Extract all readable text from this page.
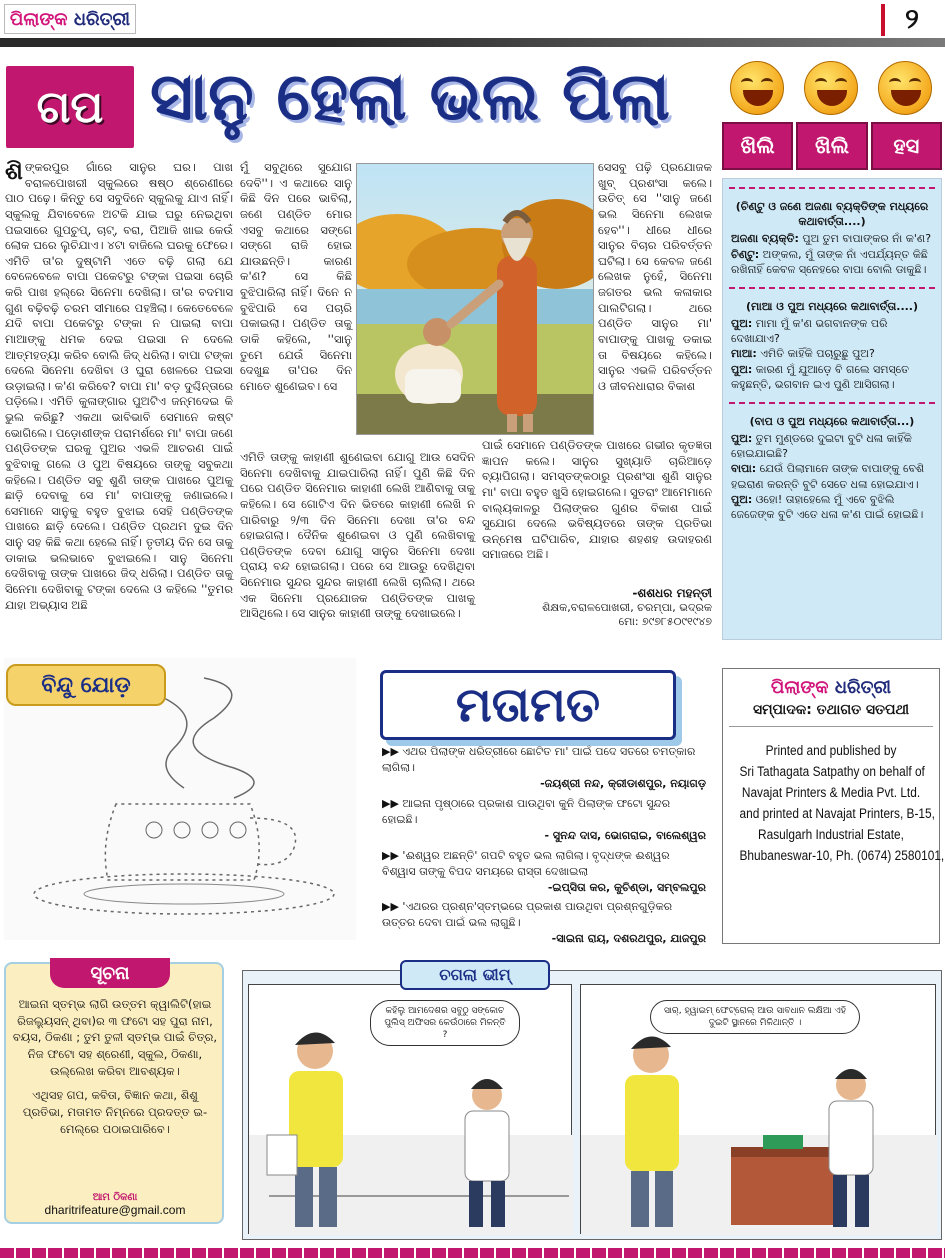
ପିଲାଙ୍କ ଧରିତ୍ରୀ	୨
ଗପ ସାନୁ ହେଲା ଭଲ ପିଲା
ଶିଙ୍କରପୁର ଗାଁରେ ସାନୁର ଘର। ପାଖ ବରାଳପୋଖରୀ ସ୍କୁଲରେ ଷଷ୍ଠ ଶ୍ରେଣୀରେ ପାଠ ପଢ଼େ। କିନ୍ତୁ ସେ ସବୁଦିନେ ସ୍କୁଲକୁ ଯାଏ ନାହିଁ। ସ୍କୁଲକୁ ଯିବାବେଳେ ଅଟକି ଯାଇ ଘରୁ ନେଇଥିବା ପଇସାରେ ଗୁପଚୁପ୍, ଚାଟ୍, ବରା, ପିଆଜି ଖାଇ କେଉଁ ଲୋକ ଘରେ ଲୁଚିଯାଏ। ୪ଟା ବାଜିଲେ ଘରକୁ ଫେରେ। ଏମିତି ତା'ର ଦୁଷ୍ଟାମି ଏତେ ବଢ଼ି ଗଲା ଯେ ବେଳେବେଳେ ବାପା ପକେଟରୁ ଟଙ୍କା ପଇସା ଚୋରି କରି ପାଖ ହଲ୍‌ରେ ସିନେମା ଦେଖିଲା। ତା'ର ବଦମାସ ଗୁଣ ବଢ଼ିବଢ଼ି ଚରମ ସୀମାରେ ପହଞ୍ଚିଲା। କେତେବେଳେ ଯଦି ବାପା ପକେଟରୁ ଟଙ୍କା ନ ପାଇଲା ବାପା ମାଆଙ୍କୁ ଧମକ ଦେଇ ପଇସା ନ ଦେଲେ ଆତ୍ମହତ୍ୟା କରିବ ବୋଲି ଜିଦ୍ ଧରିଲା। ବାପା ଟଙ୍କା ଦେଲେ ସିନେମା ଦେଖିବା ଓ ଘୁରା ଖେଳରେ ପଇସା ଉଡ଼ାଇଲା। କ'ଣ କରିବେ? ବାପା ମା' ବଡ଼ ଦୁଶ୍ଚିନ୍ତାରେ ପଡ଼ିଲେ। ଏମିତି କୁଳାଙ୍ଗାର ପୁଅଟିଏ ଜନ୍ମଦେଇ କି ଭୁଲ କରିଛୁ? ଏକଥା ଭାବିଭାବି ସେମାନେ କଷ୍ଟ ଭୋଗିଲେ। ପଡ଼ୋଶୀଙ୍କ ପରାମର୍ଶରେ ମା' ବାପା ଜଣେ ପଣ୍ଡିତଙ୍କ ଘରକୁ ପୁଅର ଏଭଳି ଆଚରଣ ପାଇଁ ବୁଝିବାକୁ ଗଲେ ଓ ପୁଅ ବିଷୟରେ ତାଙ୍କୁ ସବୁକଥା କହିଲେ। ପଣ୍ଡିତ ସବୁ ଶୁଣି ତାଙ୍କ ପାଖରେ ପୁଅକୁ ଛାଡ଼ି ଦେବାକୁ ସେ ମା' ବାପାଙ୍କୁ ଜଣାଇଲେ। ସେମାନେ ସାନୁକୁ ବହୁତ ବୁଝାଇ ସେହି ପଣ୍ଡିତଙ୍କ ପାଖରେ ଛାଡ଼ି ଦେଲେ। ପଣ୍ଡିତ ପ୍ରଥମ ଦୁଇ ଦିନ ସାନୁ ସହ କିଛି କଥା ହେଲେ ନାହିଁ। ତୃତୀୟ ଦିନ ସେ ତାକୁ ଡାକାଇ ଭଲଭାବେ ବୁଝାଇଲେ। ସାନୁ ସିନେମା ଦେଖିବାକୁ ତାଙ୍କ ପାଖରେ ଜିଦ୍ ଧରିଲା। ପଣ୍ଡିତ ତାକୁ ସିନେମା ଦେଖିବାକୁ ଟଙ୍କା ଦେଲେ ଓ କହିଲେ ''ତୁମର ଯାହା ଅଭ୍ୟାସ ଅଛି
ମୁଁ ସବୁଥିରେ ସୁଯୋଗ ଦେବି''। ଏ କଥାରେ ସାନୁ କିଛି ଦିନ ପରେ ଭାବିଲା, ଜଣେ ପଣ୍ଡିତ ମୋର ଏସବୁ କଥାରେ ସଙ୍ଗେ ସଙ୍ଗେ ରାଜି ହୋଇ ଯାଉଛନ୍ତି। କାରଣ କ'ଣ? ସେ କିଛି ବୁଝିପାରିଲା ନାହିଁ। ଦିନେ ନ ବୁଝିପାରି ସେ ପଚାରି ପକାଇଲା। ପଣ୍ଡିତ ତାକୁ ଡାକି କହିଲେ, ''ସାନୁ ତୁମେ ଯେଉଁ ସିନେମା ଦେଖୁଛ ତା'ପର ଦିନ ମୋତେ ଶୁଣେଇବ। ସେ
ସେସବୁ ପଢ଼ି ପ୍ରଯୋଜକ ଖୁବ୍ ପ୍ରଶଂସା କଲେ। ଉଚିତ୍ ସେ ''ସାନୁ ଜଣେ ଭଲ ସିନେମା ଲେଖକ ହେବ''। ଧୀରେ ଧୀରେ ସାନୁର ବିଚାର ପରିବର୍ତ୍ତନ ଘଟିଲା। ସେ କେବଳ ଜଣେ ଲେଖକ ନୁହେଁ, ସିନେମା ଜଗତର ଭଲ କଳାକାର ପାଲଟିଗଲା। ଥରେ ପଣ୍ଡିତ ସାନୁର ମା' ବାପାଙ୍କୁ ପାଖକୁ ଡକାଇ ତା ବିଷୟରେ କହିଲେ। ସାନୁର ଏଭଳି ପରିବର୍ତ୍ତନ ଓ ଜୀବନଧାରାର ବିକାଶ
ଏମିତି ତାଙ୍କୁ କାହାଣୀ ଶୁଣେଇବା ଯୋଗୁ ଆଉ ସେଦିନ ସିନେମା ଦେଖିବାକୁ ଯାଇପାରିଲା ନାହିଁ। ପୁଣି କିଛି ଦିନ ପରେ ପଣ୍ଡିତ ସିନେମାର କାହାଣୀ ଲେଖି ଆଣିବାକୁ ତାକୁ କହିଲେ। ସେ ଗୋଟିଏ ଦିନ ଭିତରେ କାହାଣୀ ଲେଖି ନ ପାରିବାରୁ ୨/୩ ଦିନ ସିନେମା ଦେଖା ତା'ର ବନ୍ଦ ହୋଇଗଲା। ଦୈନିକ ଶୁଣେଇବା ଓ ପୁଣି ଲେଖିବାକୁ ପଣ୍ଡିତଙ୍କ ଦେବା ଯୋଗୁ ସାନୁର ସିନେମା ଦେଖା ପ୍ରାୟ ବନ୍ଦ ହୋଇଗଲା। ପରେ ସେ ଆଉରୁ ଦେଖିଥିବା ସିନେମାର ସୁନ୍ଦର ସୁନ୍ଦର କାହାଣୀ ଲେଖି ଚାଲିଲା। ଥରେ ଏକ ସିନେମା ପ୍ରଯୋଜକ ପଣ୍ଡିତଙ୍କ ପାଖକୁ ଆସିଥିଲେ। ସେ ସାନୁର କାହାଣୀ ତାଙ୍କୁ ଦେଖାଇଲେ।
ପାଇଁ ସେମାନେ ପଣ୍ଡିତଙ୍କ ପାଖରେ ଗଭୀର କୃତଜ୍ଞତା ଜ୍ଞାପନ କଲେ। ସାନୁର ସୁଖ୍ୟାତି ଚାରିଆଡ଼େ ବ୍ୟାପିଗଲା। ସମସ୍ତଙ୍କଠାରୁ ପ୍ରଶଂସା ଶୁଣି ସାନୁର ମା' ବାପା ବହୁତ ଖୁସି ହୋଇଗଲେ। ସୁତରାଂ ଆମେମାନେ ବାଲ୍ୟକାଳରୁ ପିଲାଙ୍କର ଗୁଣର ବିକାଶ ପାଇଁ ସୁଯୋଗ ଦେଲେ ଭବିଷ୍ୟତରେ ତାଙ୍କ ପ୍ରତିଭା ଉନ୍ମେଷ ଘଟିପାରିବ, ଯାହାର ଶହଶହ ଉଦାହରଣ ସମାଜରେ ଅଛି।
-ଶଶଧର ମହନ୍ତୀ
ଶିକ୍ଷକ,ବରାଳପୋଖରୀ, ଚରମ୍ପା, ଭଦ୍ରକ
ମୋ: ୭୯୭୮୫୦୯୧୯୪୭
ଖିଲି	ଖିଲି	ହସ
(ଚିଣ୍ଟୁ ଓ ଜଣେ ଅଜଣା ବ୍ୟକ୍ତିଙ୍କ ମଧ୍ୟରେ କଥାବାର୍ତ୍ତା....)
ଅଜଣା ବ୍ୟକ୍ତି: ପୁଅ ତୁମ ବାପାଙ୍କର ନାଁ କ'ଣ?
ଚିଣ୍ଟୁ: ଅଙ୍କଲ, ମୁଁ ତାଙ୍କ ନାଁ ଏପର୍ଯ୍ୟନ୍ତ କିଛି ରଖିନାହିଁ କେବଳ ସ୍ନେହରେ ବାପା ବୋଲି ଡାକୁଛି।
(ମାଆ ଓ ପୁଅ ମଧ୍ୟରେ କଥାବାର୍ତ୍ତା....)
ପୁଅ: ମାମା ମୁଁ କ'ଣ ଭଗବାନଙ୍କ ପରି ଦେଖାଯାଏ?
ମାଆ: ଏମିତି କାହିଁକି ପଚାରୁଛୁ ପୁଅ?
ପୁଅ: କାରଣ ମୁଁ ଯୁଆଡ଼େ ବି ଗଲେ ସମସ୍ତେ କହୁଛନ୍ତି, ଭଗବାନ ଇଏ ପୁଣି ଆସିଗଲା।
(ବାପ ଓ ପୁଅ ମଧ୍ୟରେ କଥାବାର୍ତ୍ତା...)
ପୁଅ: ତୁମ ମୁଣ୍ଡରେ ଦୁଇଟା ବୁଟି ଧଳା କାହିଁକି ହୋଇଯାଇଛି?
ବାପା: ଯେଉଁ ପିଲାମାନେ ତାଙ୍କ ବାପାଙ୍କୁ ବେଶି ହଇରାଣ କରନ୍ତି ବୁଟି ସେତେ ଧଳା ହୋଇଯାଏ।
ପୁଅ: ଓହୋ! ତାହାହେଲେ ମୁଁ ଏବେ ବୁଝିଲି ଜେଜେଙ୍କ ବୁଟି ଏତେ ଧଳା କ'ଣ ପାଇଁ ହୋଇଛି।
ବିନ୍ଦୁ ଯୋଡ଼	ମତାମତ
▶▶ ଏଥର ପିଲାଙ୍କ ଧରିତ୍ରୀରେ ଛୋଟିତ ମା' ପାଇଁ ପଦେ ସତରେ ଚମତ୍କାର ଲାଗିଲା।
-ଜୟଶ୍ରୀ ନନ୍ଦ, କ୍ରୀଡାଶପୁର, ନୟାଗଡ଼
▶▶ ଆଇନା ପୃଷ୍ଠାରେ ପ୍ରକାଶ ପାଉଥିବା କୁନି ପିଲାଙ୍କ ଫଟୋ ସୁନ୍ଦର ହୋଇଛି।
- ସୁନନ୍ଦ ଦାସ, ଭୋଗରାଇ, ବାଲେଶ୍ୱର
▶▶ 'ଈଶ୍ୱର ଅଛନ୍ତି' ଗପଟି ବହୁତ ଭଲ ଲାଗିଲା। ବୃଦ୍ଧଙ୍କ ଈଶ୍ୱର ବିଶ୍ୱାସ ତାଙ୍କୁ ବିପଦ ସମୟରେ ରାସ୍ତା ଦେଖାଇଲା
-ଇପ୍ସିତା କର, କୁଚିଣ୍ଡା, ସମ୍ବଲପୁର
▶▶ 'ଏଥରର ପ୍ରଶ୍ନ'ସ୍ତମ୍ଭରେ ପ୍ରକାଶ ପାଉଥିବା ପ୍ରଶ୍ନଗୁଡ଼ିକର ଉତ୍ତର ଦେବା ପାଇଁ ଭଲ ଲାଗୁଛି।
-ସାଇନା ରାୟ, ଦଶରଥପୁର, ଯାଜପୁର
ପିଲାଙ୍କ ଧରିତ୍ରୀ
ସମ୍ପାଦକ: ତଥାଗତ ସତପଥୀ
Printed and published by
Sri Tathagata Satpathy on behalf of
Navajat Printers & Media Pvt. Ltd.
and printed at Navajat Printers, B-15,
Rasulgarh Industrial Estate,
Bhubaneswar-10, Ph. (0674) 2580101,
ସୂଚନା

ଆଇନା ସ୍ତମ୍ଭ ଲାଗି ଉତ୍ତମ କ୍ୱାଲିଟି(ହାଇ ରିଜଲ୍ୟୁସନ୍ ଥିବା)ର ୩ ଫଟୋ ସହ ପୁରା ନାମ, ବୟସ, ଠିକଣା ; ତୁମ ତୁଳୀ ସ୍ତମ୍ଭ ପାଇଁ ଚିତ୍ର, ନିଜ ଫଟୋ ସହ ଶ୍ରେଣୀ, ସ୍କୁଲ, ଠିକଣା, ଉଲ୍ଲେଖ କରିବା ଆବଶ୍ୟକ।

ଏଥିସହ ଗପ, କବିତା, ବିଜ୍ଞାନ କଥା, ଶିଶୁ ପ୍ରତିଭା, ମତାମତ ନିମ୍ନରେ ପ୍ରଦତ୍ତ ଇ-ମେଲ୍‌ରେ ପଠାଇପାରିବେ।

ଆମ ଠିକଣା
dharitrifeature@gmail.com
ଚଗଲା ଭୀମ୍
କହିଲୁ ଆମଦେଶର ସବୁଠୁ ସଙ୍କୋଚ ପୁଲିସ୍ ଅଫିସର କେଉଁଠାରେ ମିଳନ୍ତି ?
ସାର୍, ହ୍ୱାଇମ୍ ଫେଟ୍ରୋଲ୍ ଆଉ ସାବଧାନ ଲକ୍ଷିଆ ଏହି ଦୁଇଟି ସ୍ଥାନରେ ମିଳିଥାନ୍ତି ।
